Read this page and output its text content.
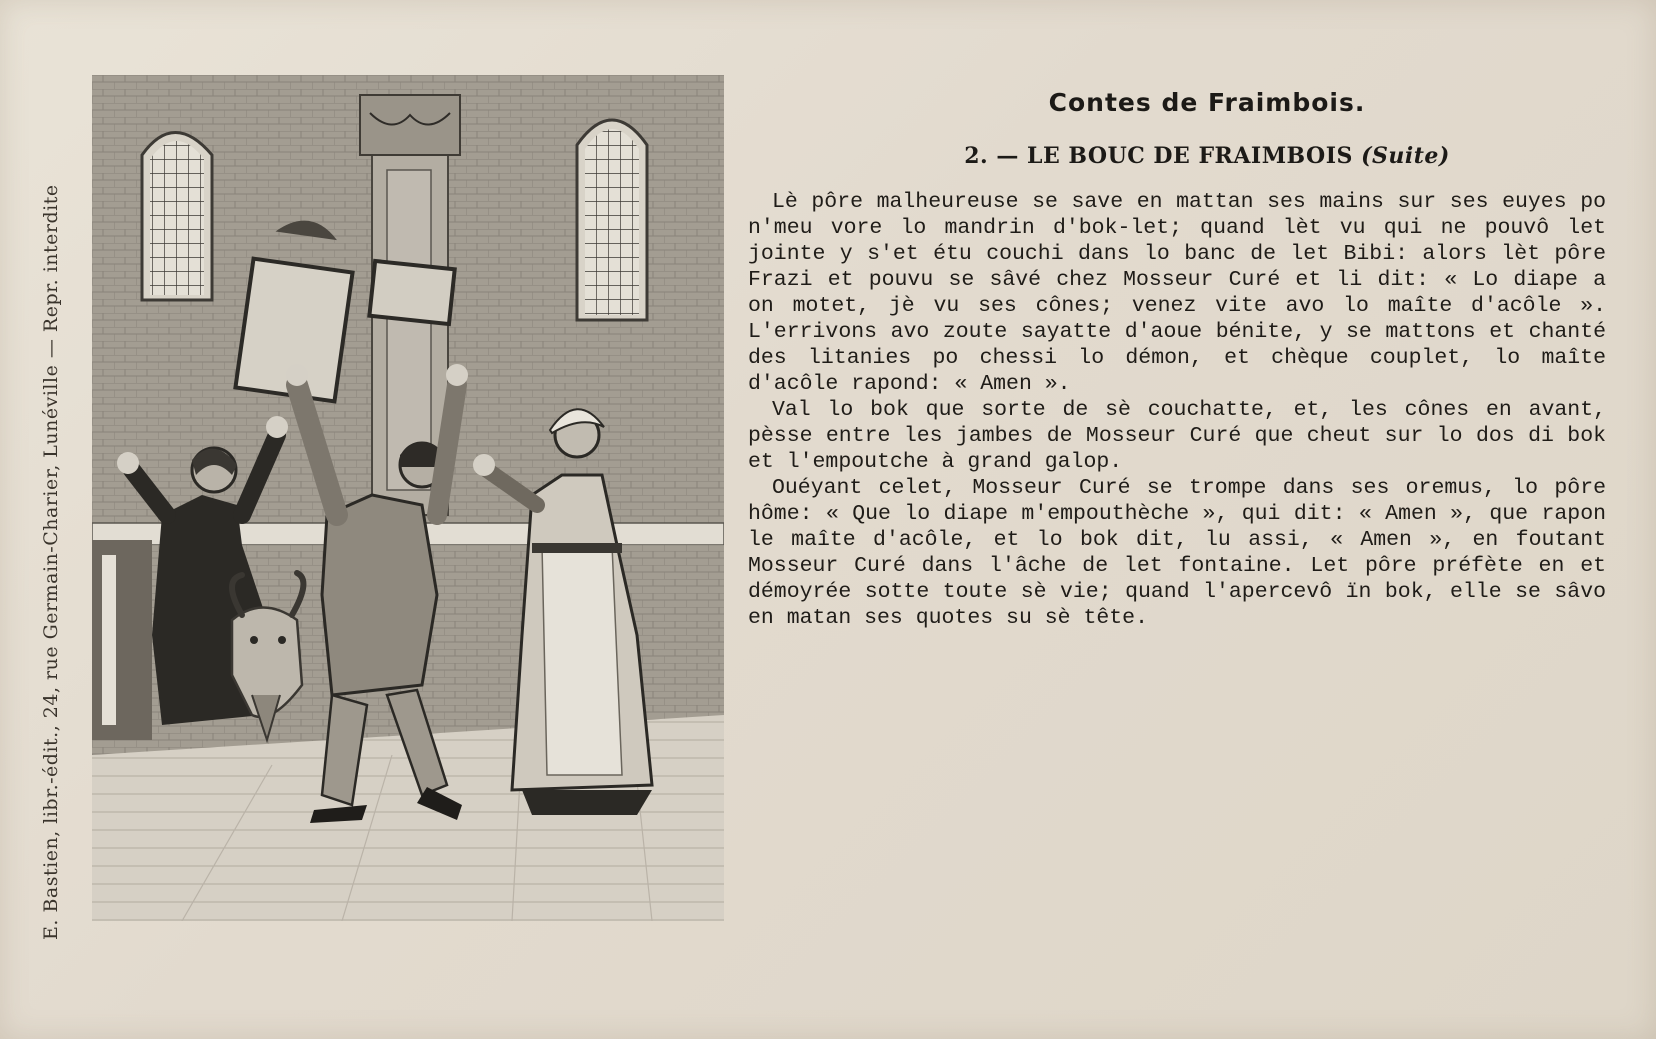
E. Bastien, libr.-édit., 24, rue Germain-Charier, Lunéville — Repr. interdite
Contes de Fraimbois.
2. — LE BOUC DE FRAIMBOIS (Suite)

Lè pôre malheureuse se save en mattan ses mains sur ses euyes po n'meu vore lo mandrin d'bok-let; quand lèt vu qui ne pouvô let jointe y s'et étu couchi dans lo banc de let Bibi: alors lèt pôre Frazi et pouvu se sâvé chez Mosseur Curé et li dit: « Lo diape a on motet, jè vu ses cônes; venez vite avo lo maîte d'acôle ». L'errivons avo zoute sayatte d'aoue bénite, y se mattons et chanté des litanies po chessi lo démon, et chèque couplet, lo maîte d'acôle rapond: « Amen ».

Val lo bok que sorte de sè couchatte, et, les cônes en avant, pèsse entre les jambes de Mosseur Curé que cheut sur lo dos di bok et l'empoutche à grand galop.

Ouéyant celet, Mosseur Curé se trompe dans ses oremus, lo pôre hôme: « Que lo diape m'empouthèche », qui dit: « Amen », que rapon le maîte d'acôle, et lo bok dit, lu assi, « Amen », en foutant Mosseur Curé dans l'âche de let fontaine. Let pôre préfète en et démoyrée sotte toute sè vie; quand l'apercevô ïn bok, elle se sâvo en matan ses quotes su sè tête.
